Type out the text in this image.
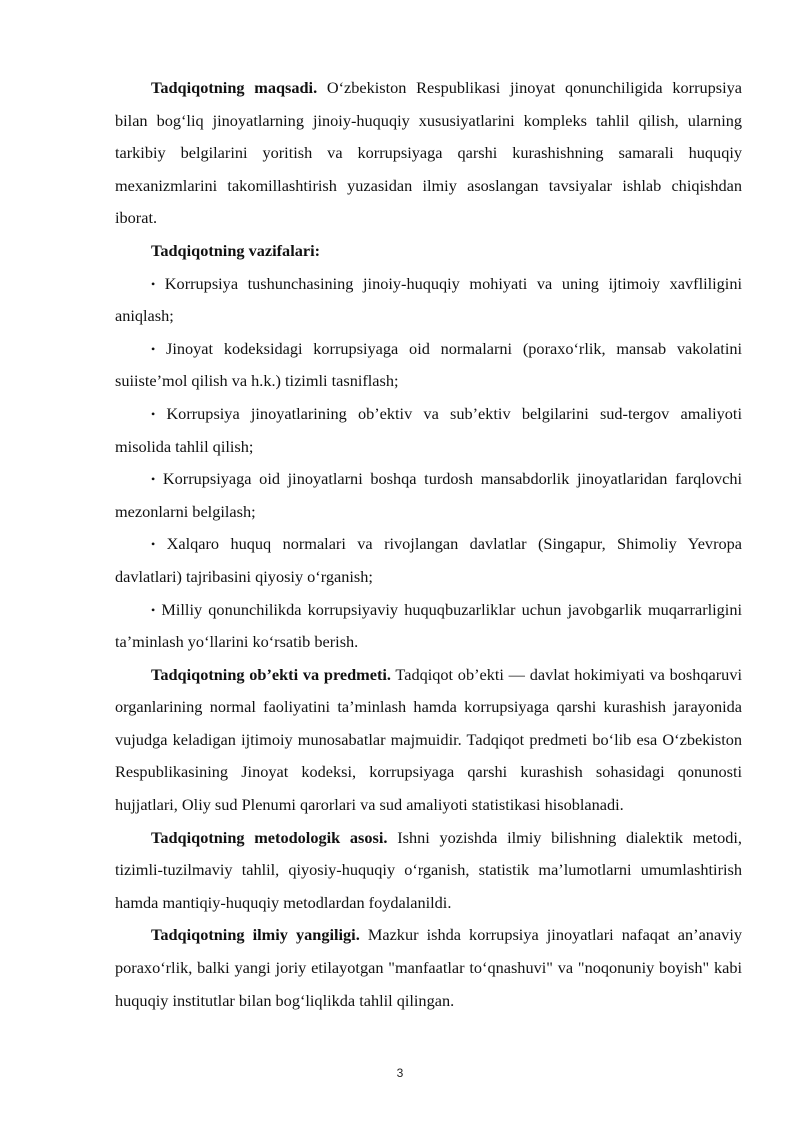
Tadqiqotning maqsadi. O‘zbekiston Respublikasi jinoyat qonunchiligida korrupsiya bilan bog‘liq jinoyatlarning jinoiy-huquqiy xususiyatlarini kompleks tahlil qilish, ularning tarkibiy belgilarini yoritish va korrupsiyaga qarshi kurashishning samarali huquqiy mexanizmlarini takomillashtirish yuzasidan ilmiy asoslangan tavsiyalar ishlab chiqishdan iborat.

Tadqiqotning vazifalari:

• Korrupsiya tushunchasining jinoiy-huquqiy mohiyati va uning ijtimoiy xavfliligini aniqlash;

• Jinoyat kodeksidagi korrupsiyaga oid normalarni (poraxo‘rlik, mansab vakolatini suiiste’mol qilish va h.k.) tizimli tasniflash;

• Korrupsiya jinoyatlarining ob’ektiv va sub’ektiv belgilarini sud-tergov amaliyoti misolida tahlil qilish;

• Korrupsiyaga oid jinoyatlarni boshqa turdosh mansabdorlik jinoyatlaridan farqlovchi mezonlarni belgilash;

• Xalqaro huquq normalari va rivojlangan davlatlar (Singapur, Shimoliy Yevropa davlatlari) tajribasini qiyosiy o‘rganish;

• Milliy qonunchilikda korrupsiyaviy huquqbuzarliklar uchun javobgarlik muqarrarligini ta’minlash yo‘llarini ko‘rsatib berish.

Tadqiqotning ob’ekti va predmeti. Tadqiqot ob’ekti — davlat hokimiyati va boshqaruvi organlarining normal faoliyatini ta’minlash hamda korrupsiyaga qarshi kurashish jarayonida vujudga keladigan ijtimoiy munosabatlar majmuidir. Tadqiqot predmeti bo‘lib esa O‘zbekiston Respublikasining Jinoyat kodeksi, korrupsiyaga qarshi kurashish sohasidagi qonunosti hujjatlari, Oliy sud Plenumi qarorlari va sud amaliyoti statistikasi hisoblanadi.

Tadqiqotning metodologik asosi. Ishni yozishda ilmiy bilishning dialektik metodi, tizimli-tuzilmaviy tahlil, qiyosiy-huquqiy o‘rganish, statistik ma’lumotlarni umumlashtirish hamda mantiqiy-huquqiy metodlardan foydalanildi.

Tadqiqotning ilmiy yangiligi. Mazkur ishda korrupsiya jinoyatlari nafaqat an’anaviy poraxo‘rlik, balki yangi joriy etilayotgan "manfaatlar to‘qnashuvi" va "noqonuniy boyish" kabi huquqiy institutlar bilan bog‘liqlikda tahlil qilingan.

3
